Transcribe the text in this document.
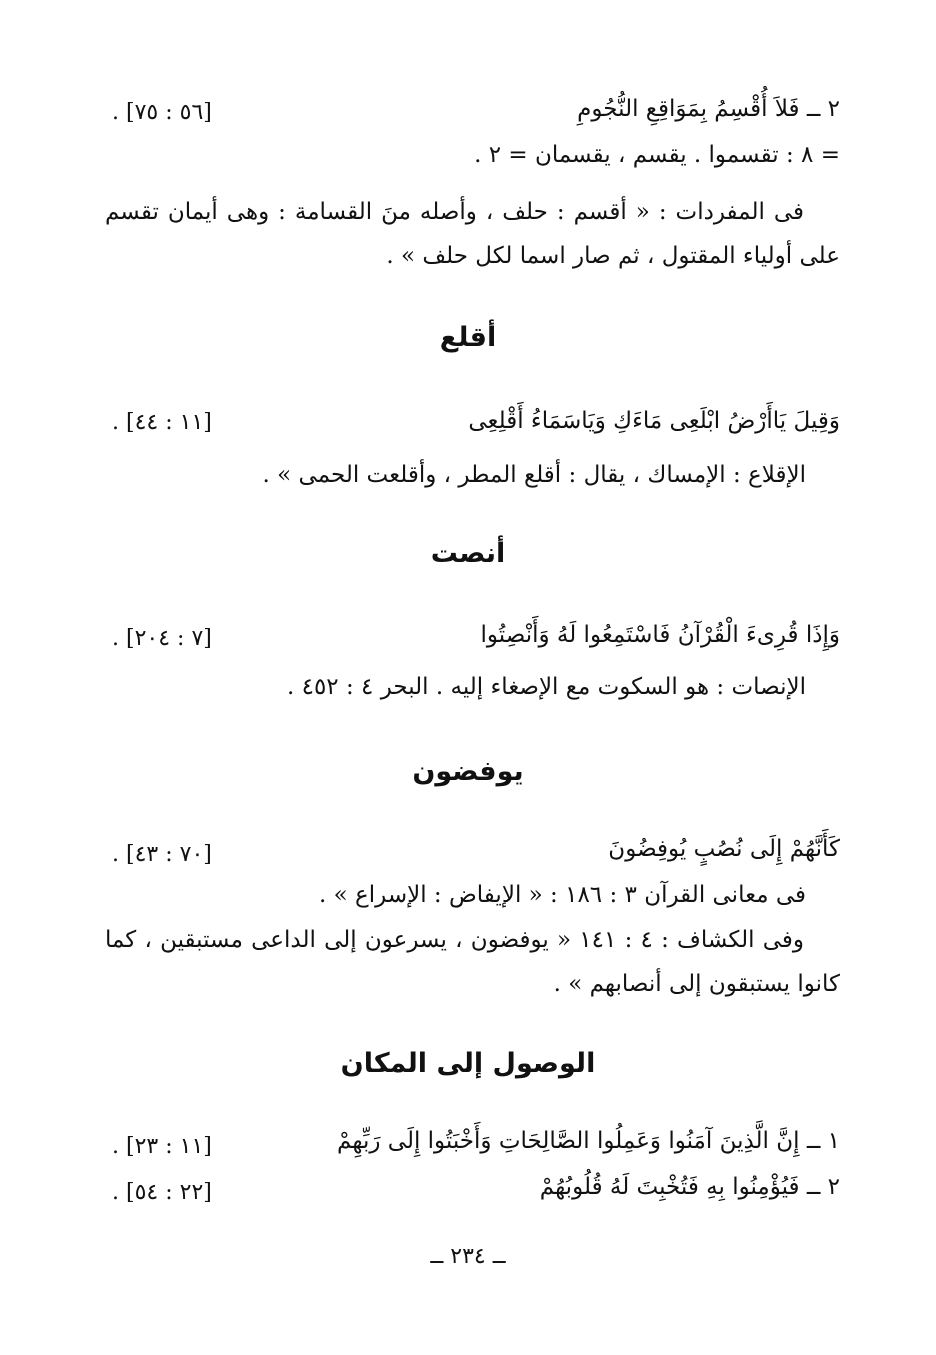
٢ ــ فَلاَ أُقْسِمُ بِمَوَاقِعِ النُّجُومِ
[٥٦ : ٧٥] .
= ٨ : تقسموا . يقسم ، يقسمان = ٢ .
فى المفردات : « أقسم : حلف ، وأصله منَ القسامة : وهى أيمان تقسم على أولياء المقتول ، ثم صار اسما لكل حلف » .
أقلع
وَقِيلَ يَاأَرْضُ ابْلَعِى مَاءَكِ وَيَاسَمَاءُ أَقْلِعِى
[١١ : ٤٤] .
الإقلاع : الإمساك ، يقال : أقلع المطر ، وأقلعت الحمى » .
أنصت
وَإِذَا قُرِىءَ الْقُرْآنُ فَاسْتَمِعُوا لَهُ وَأَنْصِتُوا
[٧ : ٢٠٤] .
الإنصات : هو السكوت مع الإصغاء إليه . البحر ٤ : ٤٥٢ .
يوفضون
كَأَنَّهُمْ إِلَى نُصُبٍ يُوفِضُونَ
[٧٠ : ٤٣] .
فى معانى القرآن ٣ : ١٨٦ : « الإيفاض : الإسراع » .
وفى الكشاف : ٤ : ١٤١ « يوفضون ، يسرعون إلى الداعى مستبقين ، كما كانوا يستبقون إلى أنصابهم » .
الوصول إلى المكان
١ ــ إِنَّ الَّذِينَ آمَنُوا وَعَمِلُوا الصَّالِحَاتِ وَأَخْبَتُوا إِلَى رَبِّهِمْ
[١١ : ٢٣] .
٢ ــ فَيُؤْمِنُوا بِهِ فَتُخْبِتَ لَهُ قُلُوبُهُمْ
[٢٢ : ٥٤] .
ــ ٢٣٤ ــ
